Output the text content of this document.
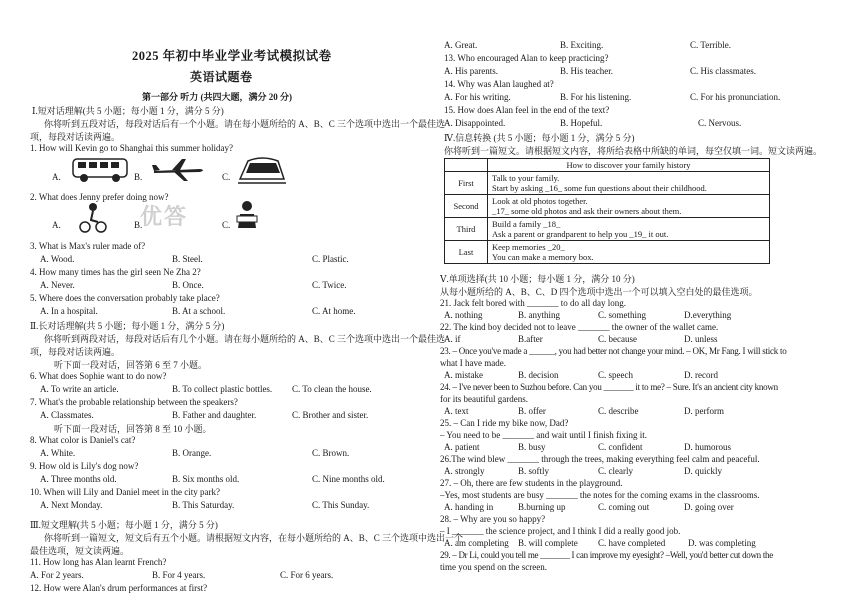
2025 年初中毕业学业考试模拟试卷
英语试题卷
第一部分 听力 (共四大题，满分 20 分)
Ⅰ.短对话理解(共 5 小题；每小题 1 分，满分 5 分)
你将听到五段对话，每段对话后有一个小题。请在每小题所给的 A、B、C 三个选项中选出一个最佳选
项，每段对话读两遍。
1. How will Kevin go to Shanghai this summer holiday?
A.	B.	C.
2. What does Jenny prefer doing now?
A.	B.	C.
优答
3. What is Max's ruler made of?
A. Wood.	B. Steel.	C. Plastic.
4. How many times has the girl seen Ne Zha 2?
A. Never.	B. Once.	C. Twice.
5. Where does the conversation probably take place?
A. In a hospital.	B. At a school.	C. At home.
Ⅱ.长对话理解(共 5 小题；每小题 1 分，满分 5 分)
你将听到两段对话，每段对话后有几个小题。请在每小题所给的 A、B、C 三个选项中选出一个最佳选
项，每段对话读两遍。
听下面一段对话，回答第 6 至 7 小题。
6. What does Sophie want to do now?
A. To write an article.	B. To collect plastic bottles. C. To clean the house.
7. What's the probable relationship between the speakers?
A. Classmates.	B. Father and daughter.	C. Brother and sister.
听下面一段对话，回答第 8 至 10 小题。
8. What color is Daniel's cat?
A. White.	B. Orange.	C. Brown.
9. How old is Lily's dog now?
A. Three months old.	B. Six months old.	C. Nine months old.
10. When will Lily and Daniel meet in the city park?
A. Next Monday.	B. This Saturday.	C. This Sunday.
Ⅲ.短文理解(共 5 小题；每小题 1 分，满分 5 分)
你将听到一篇短文，短文后有五个小题。请根据短文内容，在每小题所给的 A、B、C 三个选项中选出一个
最佳选项，短文读两遍。
11. How long has Alan learnt French?
A. For 2 years.	B. For 4 years.	C. For 6 years.
12. How were Alan's drum performances at first?
A. Great.	B. Exciting.	C. Terrible.
13. Who encouraged Alan to keep practicing?
A. His parents.	B. His teacher.	C. His classmates.
14. Why was Alan laughed at?
A. For his writing.	B. For his listening.	C. For his pronunciation.
15. How does Alan feel in the end of the text?
A. Disappointed.	B. Hopeful.	C. Nervous.
Ⅳ.信息转换 (共 5 小题；每小题 1 分，满分 5 分)
你将听到一篇短文。请根据短文内容，将所给表格中所缺的单词，每空仅填一词。短文读两遍。
	How to discover your family history
First	Talk to your family.
Start by asking _16_ some fun questions about their childhood.

Second	Look at old photos together.
_17_ some old photos and ask their owners about them.

Third	Build a family _18_
Ask a parent or grandparent to help you _19_ it out.

Last	Keep memories _20_
You can make a memory box.
Ⅴ.单项选择(共 10 小题；每小题 1 分，满分 10 分)
从每小题所给的 A、B、C、D 四个选项中选出一个可以填入空白处的最佳选项。
21. Jack felt bored with _______ to do all day long.
A. nothing	B. anything	C. something	D.everything
22. The kind boy decided not to leave _______ the owner of the wallet came.
A. if	B.after	C. because	D. unless
23. – Once you've made a ______, you had better not change your mind. – OK, Mr Fang. I will stick to
what I have made.
A. mistake	B. decision	C. speech	D. record
24. – I've never been to Suzhou before. Can you _______ it to me? – Sure. It's an ancient city known
for its beautiful gardens.
A. text	B. offer	C. describe	D. perform
25. – Can I ride my bike now, Dad?
– You need to be _______ and wait until I finish fixing it.
A. patient	B. busy	C. confident	D. humorous
26.The wind blew _______ through the trees, making everything feel calm and peaceful.
A. strongly	B. softly	C. clearly	D. quickly
27. – Oh, there are few students in the playground.
–Yes, most students are busy _______ the notes for the coming exams in the classrooms.
A. handing in	B.burning up	C. coming out	D. going over
28. – Why are you so happy?
– I _______ the science project, and I think I did a really good job.
A. am completing B. will complete C. have completed	D. was completing
29. – Dr Li, could you tell me _______ I can improve my eyesight? –Well, you'd better cut down the
time you spend on the screen.
